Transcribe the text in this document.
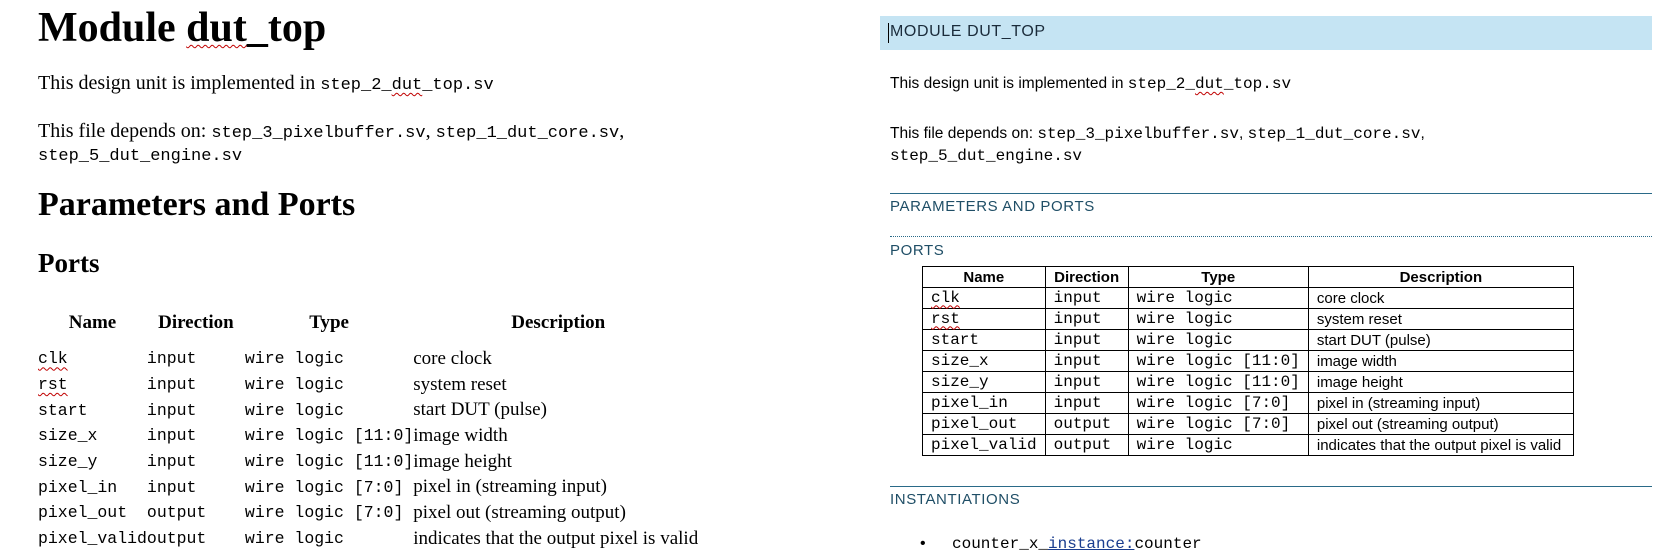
Module dut_top
This design unit is implemented in step_2_dut_top.sv
This file depends on: step_3_pixelbuffer.sv, step_1_dut_core.sv,
step_5_dut_engine.sv
Parameters and Ports
Ports
Name	Direction	Type	Description
clk	input	wire logic	core clock
rst	input	wire logic	system reset
start	input	wire logic	start DUT (pulse)
size_x	input	wire logic [11:0]	image width
size_y	input	wire logic [11:0]	image height
pixel_in	input	wire logic [7:0]	pixel in (streaming input)
pixel_out	output	wire logic [7:0]	pixel out (streaming output)
pixel_valid	output	wire logic	indicates that the output pixel is valid
MODULE DUT_TOP
This design unit is implemented in step_2_dut_top.sv
This file depends on: step_3_pixelbuffer.sv, step_1_dut_core.sv,
step_5_dut_engine.sv
PARAMETERS AND PORTS
PORTS
Name	Direction	Type	Description
clk	input	wire logic	core clock
rst	input	wire logic	system reset
start	input	wire logic	start DUT (pulse)
size_x	input	wire logic [11:0]	image width
size_y	input	wire logic [11:0]	image height
pixel_in	input	wire logic [7:0]	pixel in (streaming input)
pixel_out	output	wire logic [7:0]	pixel out (streaming output)
pixel_valid	output	wire logic	indicates that the output pixel is valid
INSTANTIATIONS
• counter_x_instance:counter
